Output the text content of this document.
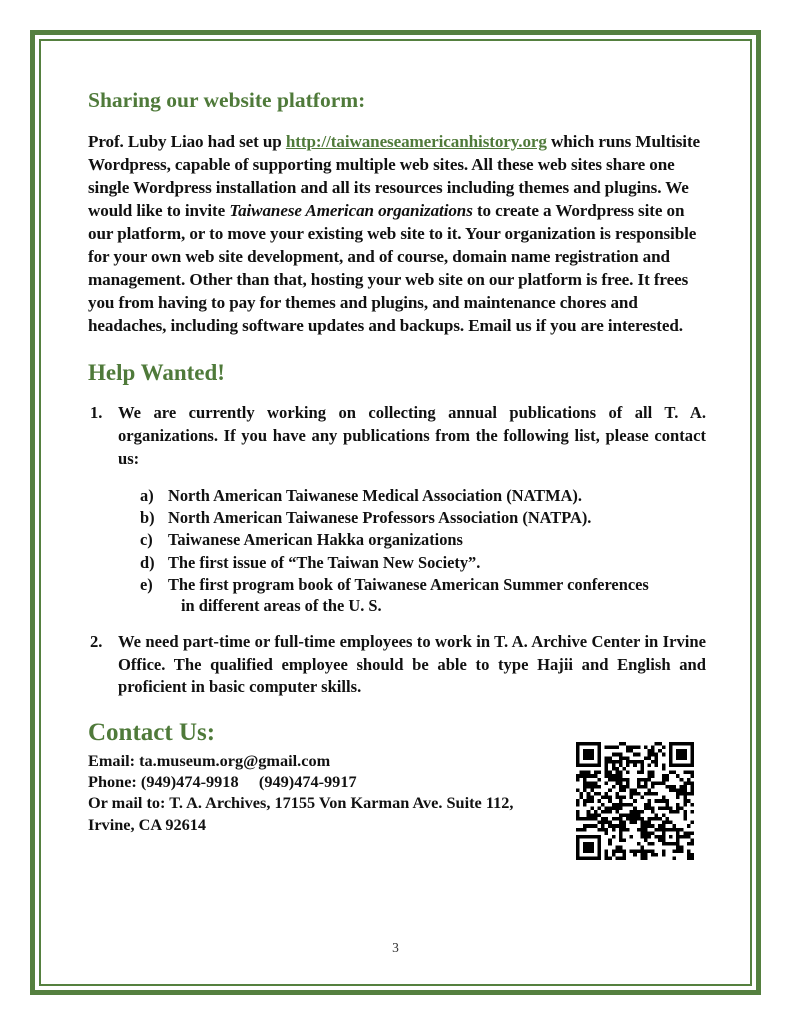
Sharing our website platform:

Prof. Luby Liao had set up http://taiwaneseamericanhistory.org which runs Multisite Wordpress, capable of supporting multiple web sites. All these web sites share one single Wordpress installation and all its resources including themes and plugins. We would like to invite Taiwanese American organizations to create a Wordpress site on our platform, or to move your existing web site to it. Your organization is responsible for your own web site development, and of course, domain name registration and management. Other than that, hosting your web site on our platform is free. It frees you from having to pay for themes and plugins, and maintenance chores and headaches, including software updates and backups. Email us if you are interested.

Help Wanted!
1. We are currently working on collecting annual publications of all T. A. organizations. If you have any publications from the following list, please contact us:
a) North American Taiwanese Medical Association (NATMA).
b) North American Taiwanese Professors Association (NATPA).
c) Taiwanese American Hakka organizations
d) The first issue of “The Taiwan New Society”.
e) The first program book of Taiwanese American Summer conferences
in different areas of the U. S.
2. We need part-time or full-time employees to work in T. A. Archive Center in Irvine Office. The qualified employee should be able to type Hajii and English and proficient in basic computer skills.
Contact Us:

Email: ta.museum.org@gmail.com

Phone: (949)474-9918     (949)474-9917

Or mail to: T. A. Archives, 17155 Von Karman Ave. Suite 112,

Irvine, CA 92614

3
